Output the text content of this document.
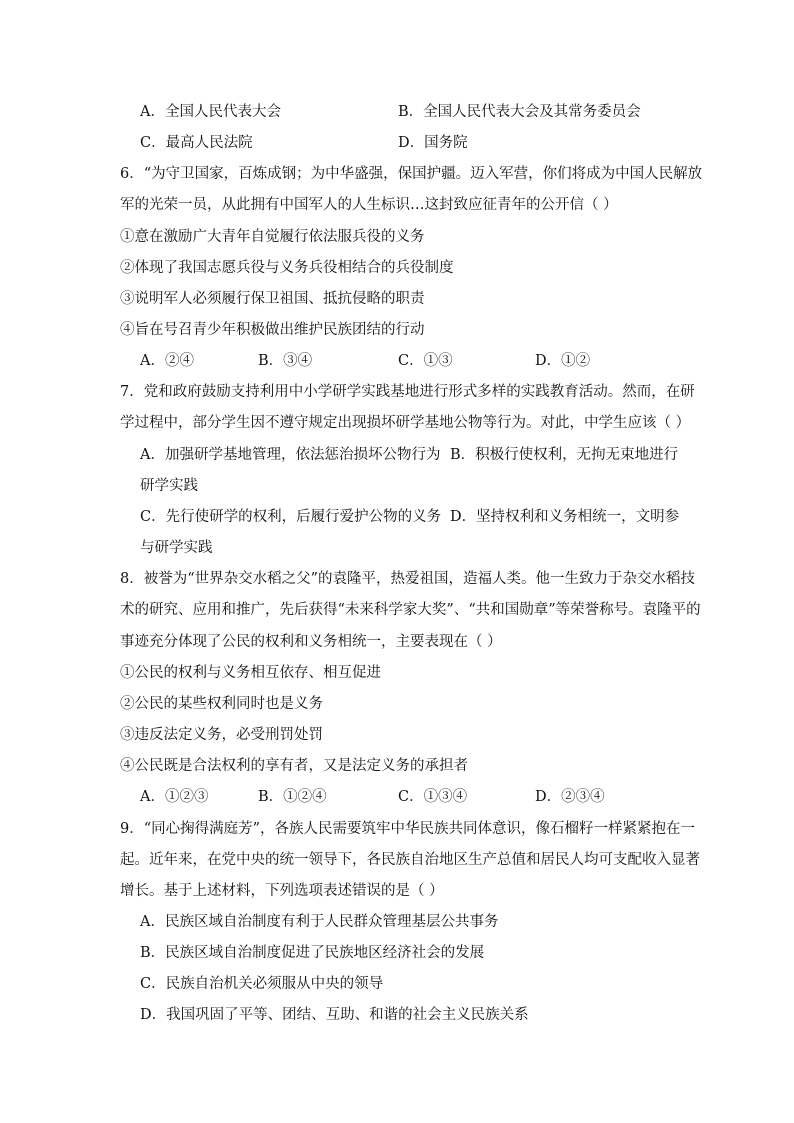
A．全国人民代表大会	B．全国人民代表大会及其常务委员会
C．最高人民法院	D．国务院
6．“为守卫国家，百炼成钢；为中华盛强，保国护疆。迈入军营，你们将成为中国人民解放
军的光荣一员，从此拥有中国军人的人生标识…这封致应征青年的公开信（ ）
①意在激励广大青年自觉履行依法服兵役的义务
②体现了我国志愿兵役与义务兵役相结合的兵役制度
③说明军人必须履行保卫祖国、抵抗侵略的职责
④旨在号召青少年积极做出维护民族团结的行动
A．②④	B．③④	C．①③	D．①②
7．党和政府鼓励支持利用中小学研学实践基地进行形式多样的实践教育活动。然而，在研
学过程中，部分学生因不遵守规定出现损坏研学基地公物等行为。对此，中学生应该（ ）
A．加强研学基地管理，依法惩治损坏公物行为 B．积极行使权利，无拘无束地进行
研学实践
C．先行使研学的权利，后履行爱护公物的义务 D．坚持权利和义务相统一，文明参
与研学实践
8．被誉为“世界杂交水稻之父”的袁隆平，热爱祖国，造福人类。他一生致力于杂交水稻技
术的研究、应用和推广，先后获得“未来科学家大奖”、“共和国勋章”等荣誉称号。袁隆平的
事迹充分体现了公民的权利和义务相统一，主要表现在（ ）
①公民的权利与义务相互依存、相互促进
②公民的某些权利同时也是义务
③违反法定义务，必受刑罚处罚
④公民既是合法权利的享有者，又是法定义务的承担者
A．①②③	B．①②④	C．①③④	D．②③④
9．“同心掬得满庭芳”，各族人民需要筑牢中华民族共同体意识，像石榴籽一样紧紧抱在一
起。近年来，在党中央的统一领导下，各民族自治地区生产总值和居民人均可支配收入显著
增长。基于上述材料，下列选项表述错误的是（ ）
A．民族区域自治制度有利于人民群众管理基层公共事务
B．民族区域自治制度促进了民族地区经济社会的发展
C．民族自治机关必须服从中央的领导
D．我国巩固了平等、团结、互助、和谐的社会主义民族关系
